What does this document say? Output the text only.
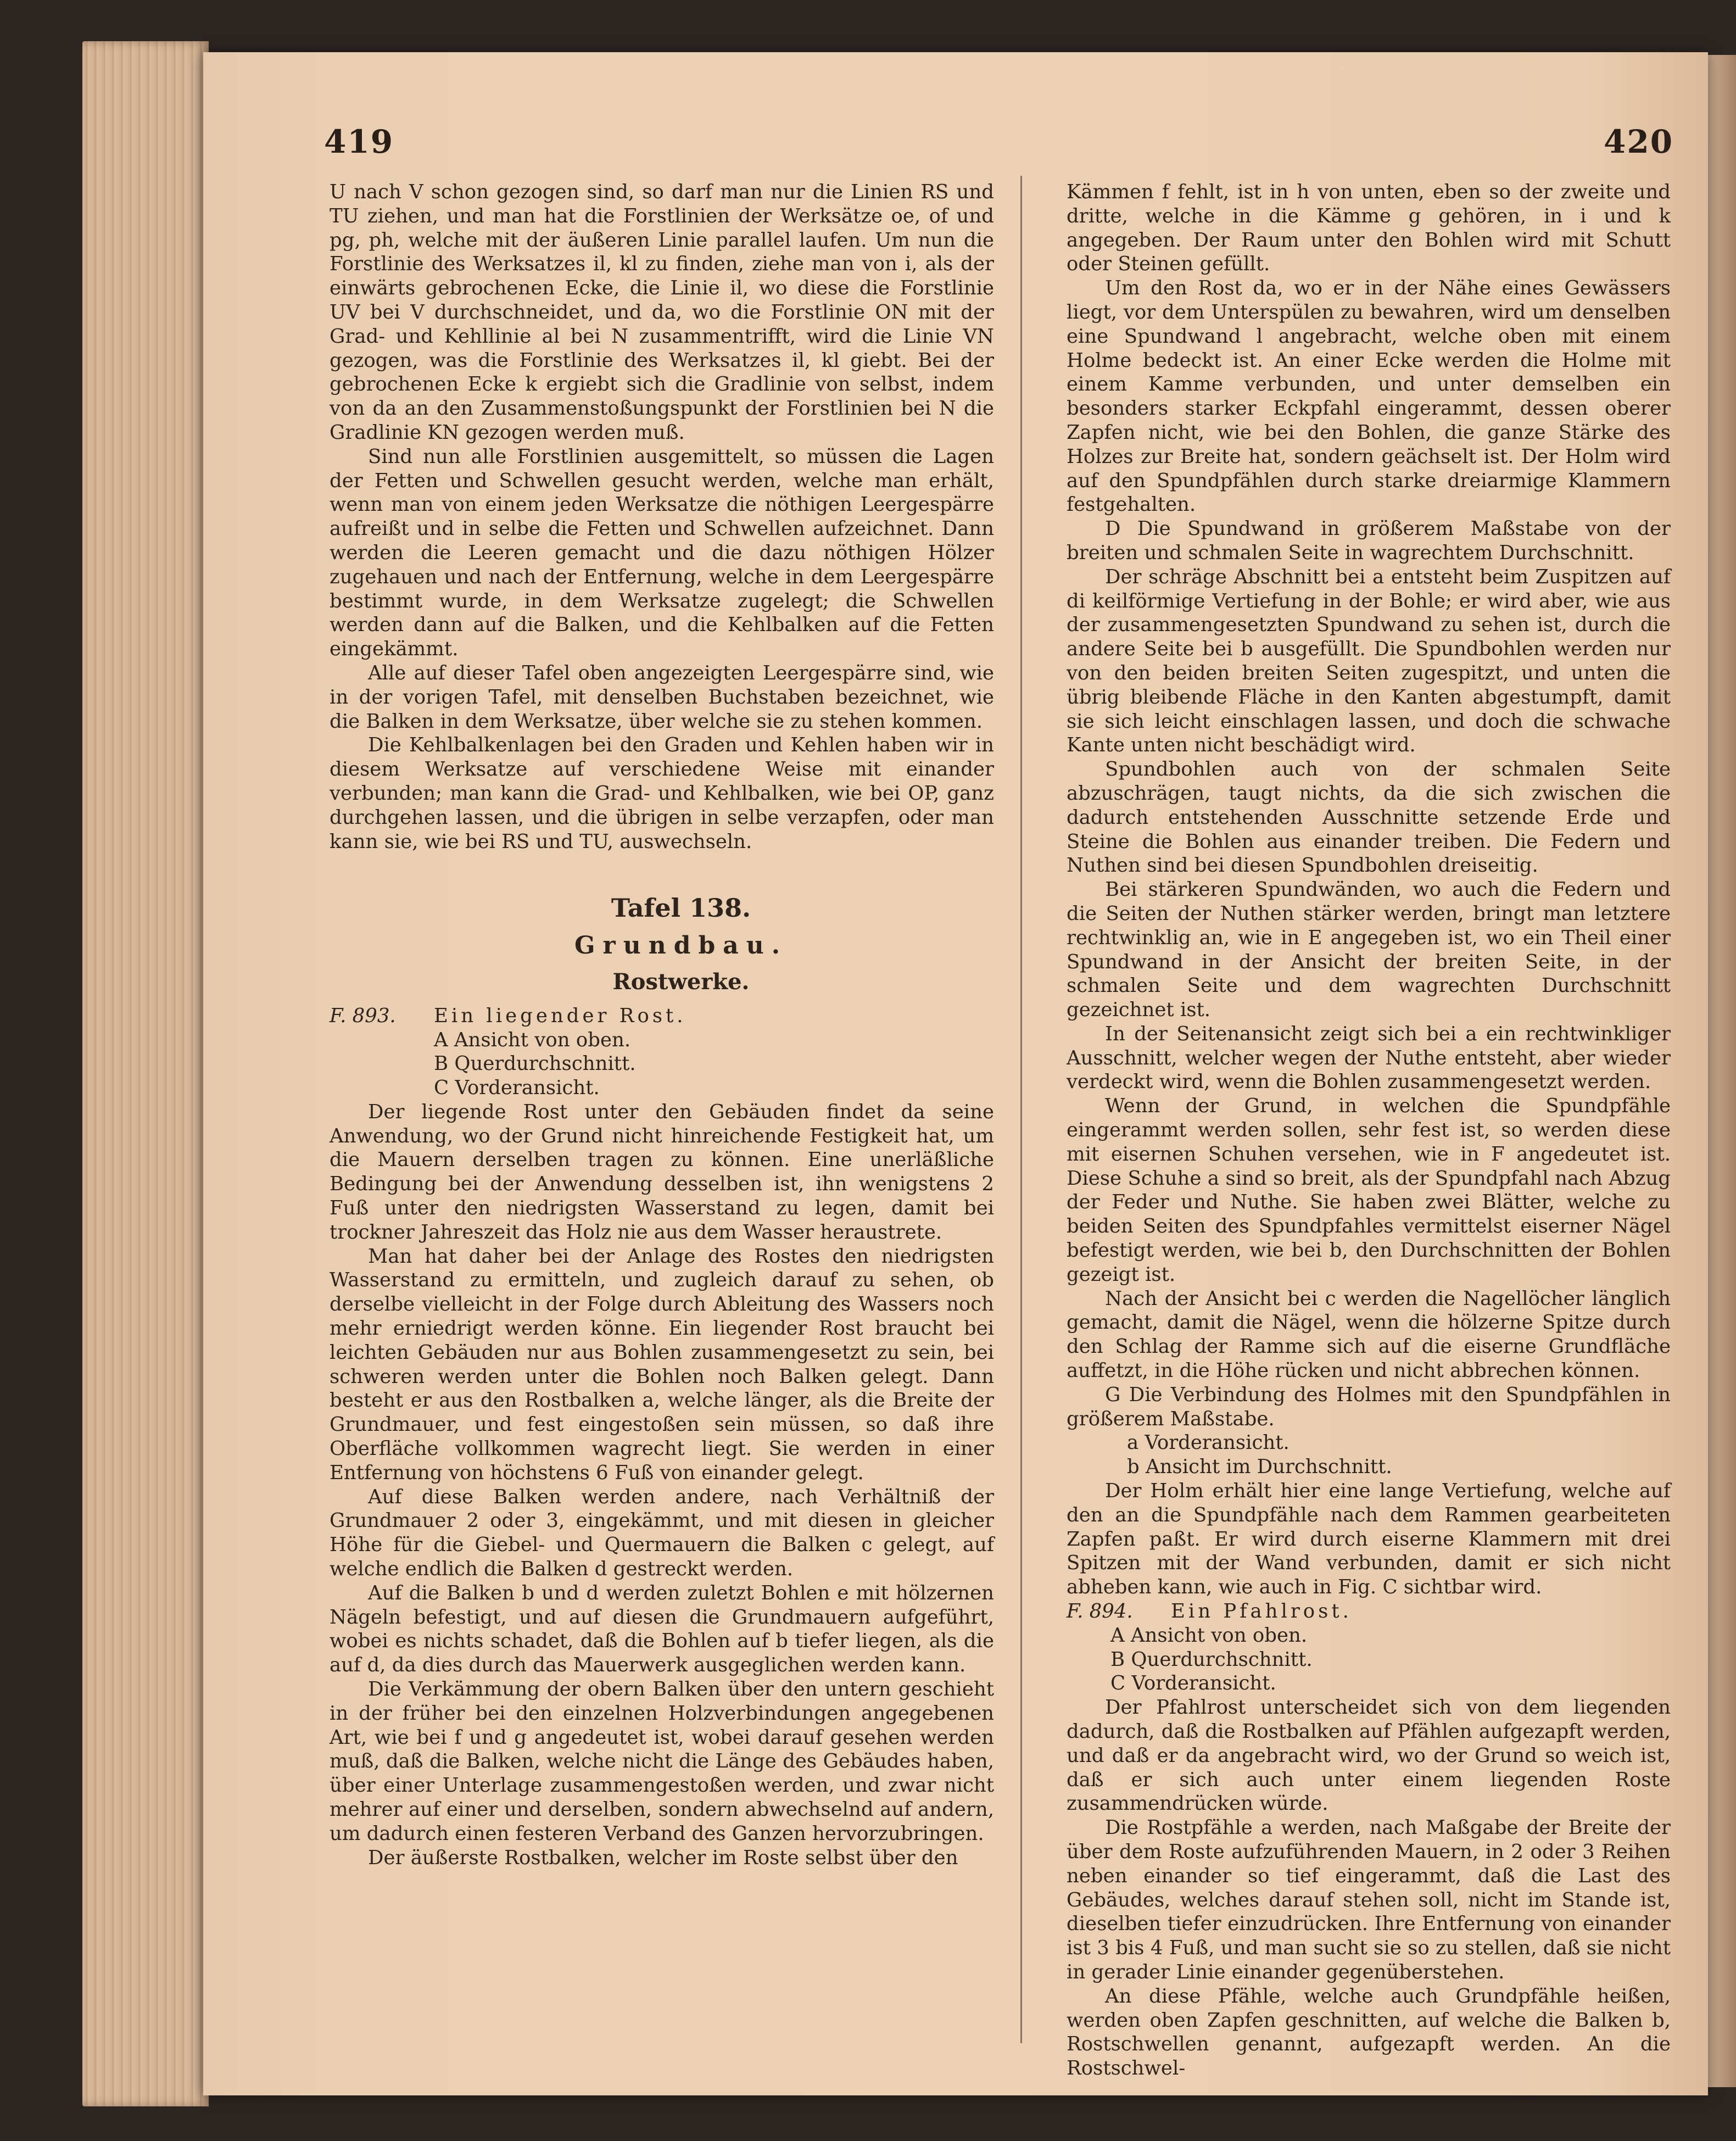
419	420

U nach V schon gezogen sind, so darf man nur die Linien RS und TU ziehen, und man hat die Forstlinien der Werksätze oe, of und pg, ph, welche mit der äußeren Linie parallel laufen. Um nun die Forstlinie des Werksatzes il, kl zu finden, ziehe man von i, als der einwärts gebrochenen Ecke, die Linie il, wo diese die Forstlinie UV bei V durchschneidet, und da, wo die Forstlinie ON mit der Grad- und Kehllinie al bei N zusammentrifft, wird die Linie VN gezogen, was die Forstlinie des Werksatzes il, kl giebt. Bei der gebrochenen Ecke k ergiebt sich die Gradlinie von selbst, indem von da an den Zusammenstoßungspunkt der Forstlinien bei N die Gradlinie KN gezogen werden muß.

Sind nun alle Forstlinien ausgemittelt, so müssen die Lagen der Fetten und Schwellen gesucht werden, welche man erhält, wenn man von einem jeden Werksatze die nöthigen Leergespärre aufreißt und in selbe die Fetten und Schwellen aufzeichnet. Dann werden die Leeren gemacht und die dazu nöthigen Hölzer zugehauen und nach der Entfernung, welche in dem Leergespärre bestimmt wurde, in dem Werksatze zugelegt; die Schwellen werden dann auf die Balken, und die Kehlbalken auf die Fetten eingekämmt.

Alle auf dieser Tafel oben angezeigten Leergespärre sind, wie in der vorigen Tafel, mit denselben Buchstaben bezeichnet, wie die Balken in dem Werksatze, über welche sie zu stehen kommen.

Die Kehlbalkenlagen bei den Graden und Kehlen haben wir in diesem Werksatze auf verschiedene Weise mit einander verbunden; man kann die Grad- und Kehlbalken, wie bei OP, ganz durchgehen lassen, und die übrigen in selbe verzapfen, oder man kann sie, wie bei RS und TU, auswechseln.

Tafel 138.

Grundbau.

Rostwerke.

F. 893. Ein liegender Rost.

A Ansicht von oben.

B Querdurchschnitt.

C Vorderansicht.

Der liegende Rost unter den Gebäuden findet da seine Anwendung, wo der Grund nicht hinreichende Festigkeit hat, um die Mauern derselben tragen zu können. Eine unerläßliche Bedingung bei der Anwendung desselben ist, ihn wenigstens 2 Fuß unter den niedrigsten Wasserstand zu legen, damit bei trockner Jahreszeit das Holz nie aus dem Wasser heraustrete.

Man hat daher bei der Anlage des Rostes den niedrigsten Wasserstand zu ermitteln, und zugleich darauf zu sehen, ob derselbe vielleicht in der Folge durch Ableitung des Wassers noch mehr erniedrigt werden könne. Ein liegender Rost braucht bei leichten Gebäuden nur aus Bohlen zusammengesetzt zu sein, bei schweren werden unter die Bohlen noch Balken gelegt. Dann besteht er aus den Rostbalken a, welche länger, als die Breite der Grundmauer, und fest eingestoßen sein müssen, so daß ihre Oberfläche vollkommen wagrecht liegt. Sie werden in einer Entfernung von höchstens 6 Fuß von einander gelegt.

Auf diese Balken werden andere, nach Verhältniß der Grundmauer 2 oder 3, eingekämmt, und mit diesen in gleicher Höhe für die Giebel- und Quermauern die Balken c gelegt, auf welche endlich die Balken d gestreckt werden.

Auf die Balken b und d werden zuletzt Bohlen e mit hölzernen Nägeln befestigt, und auf diesen die Grundmauern aufgeführt, wobei es nichts schadet, daß die Bohlen auf b tiefer liegen, als die auf d, da dies durch das Mauerwerk ausgeglichen werden kann.

Die Verkämmung der obern Balken über den untern geschieht in der früher bei den einzelnen Holzverbindungen angegebenen Art, wie bei f und g angedeutet ist, wobei darauf gesehen werden muß, daß die Balken, welche nicht die Länge des Gebäudes haben, über einer Unterlage zusammengestoßen werden, und zwar nicht mehrer auf einer und derselben, sondern abwechselnd auf andern, um dadurch einen festeren Verband des Ganzen hervorzubringen.

Der äußerste Rostbalken, welcher im Roste selbst über den

Kämmen f fehlt, ist in h von unten, eben so der zweite und dritte, welche in die Kämme g gehören, in i und k angegeben. Der Raum unter den Bohlen wird mit Schutt oder Steinen gefüllt.

Um den Rost da, wo er in der Nähe eines Gewässers liegt, vor dem Unterspülen zu bewahren, wird um denselben eine Spundwand l angebracht, welche oben mit einem Holme bedeckt ist. An einer Ecke werden die Holme mit einem Kamme verbunden, und unter demselben ein besonders starker Eckpfahl eingerammt, dessen oberer Zapfen nicht, wie bei den Bohlen, die ganze Stärke des Holzes zur Breite hat, sondern geächselt ist. Der Holm wird auf den Spundpfählen durch starke dreiarmige Klammern festgehalten.

D Die Spundwand in größerem Maßstabe von der breiten und schmalen Seite in wagrechtem Durchschnitt.

Der schräge Abschnitt bei a entsteht beim Zuspitzen auf di keilförmige Vertiefung in der Bohle; er wird aber, wie aus der zusammengesetzten Spundwand zu sehen ist, durch die andere Seite bei b ausgefüllt. Die Spundbohlen werden nur von den beiden breiten Seiten zugespitzt, und unten die übrig bleibende Fläche in den Kanten abgestumpft, damit sie sich leicht einschlagen lassen, und doch die schwache Kante unten nicht beschädigt wird.

Spundbohlen auch von der schmalen Seite abzuschrägen, taugt nichts, da die sich zwischen die dadurch entstehenden Ausschnitte setzende Erde und Steine die Bohlen aus einander treiben. Die Federn und Nuthen sind bei diesen Spundbohlen dreiseitig.

Bei stärkeren Spundwänden, wo auch die Federn und die Seiten der Nuthen stärker werden, bringt man letztere rechtwinklig an, wie in E angegeben ist, wo ein Theil einer Spundwand in der Ansicht der breiten Seite, in der schmalen Seite und dem wagrechten Durchschnitt gezeichnet ist.

In der Seitenansicht zeigt sich bei a ein rechtwinkliger Ausschnitt, welcher wegen der Nuthe entsteht, aber wieder verdeckt wird, wenn die Bohlen zusammengesetzt werden.

Wenn der Grund, in welchen die Spundpfähle eingerammt werden sollen, sehr fest ist, so werden diese mit eisernen Schuhen versehen, wie in F angedeutet ist. Diese Schuhe a sind so breit, als der Spundpfahl nach Abzug der Feder und Nuthe. Sie haben zwei Blätter, welche zu beiden Seiten des Spundpfahles vermittelst eiserner Nägel befestigt werden, wie bei b, den Durchschnitten der Bohlen gezeigt ist.

Nach der Ansicht bei c werden die Nagellöcher länglich gemacht, damit die Nägel, wenn die hölzerne Spitze durch den Schlag der Ramme sich auf die eiserne Grundfläche auffetzt, in die Höhe rücken und nicht abbrechen können.

G Die Verbindung des Holmes mit den Spundpfählen in größerem Maßstabe.

a Vorderansicht.

b Ansicht im Durchschnitt.

Der Holm erhält hier eine lange Vertiefung, welche auf den an die Spundpfähle nach dem Rammen gearbeiteten Zapfen paßt. Er wird durch eiserne Klammern mit drei Spitzen mit der Wand verbunden, damit er sich nicht abheben kann, wie auch in Fig. C sichtbar wird.

F. 894. Ein Pfahlrost.

A Ansicht von oben.

B Querdurchschnitt.

C Vorderansicht.

Der Pfahlrost unterscheidet sich von dem liegenden dadurch, daß die Rostbalken auf Pfählen aufgezapft werden, und daß er da angebracht wird, wo der Grund so weich ist, daß er sich auch unter einem liegenden Roste zusammendrücken würde.

Die Rostpfähle a werden, nach Maßgabe der Breite der über dem Roste aufzuführenden Mauern, in 2 oder 3 Reihen neben einander so tief eingerammt, daß die Last des Gebäudes, welches darauf stehen soll, nicht im Stande ist, dieselben tiefer einzudrücken. Ihre Entfernung von einander ist 3 bis 4 Fuß, und man sucht sie so zu stellen, daß sie nicht in gerader Linie einander gegenüberstehen.

An diese Pfähle, welche auch Grundpfähle heißen, werden oben Zapfen geschnitten, auf welche die Balken b, Rostschwellen genannt, aufgezapft werden. An die Rostschwel-
